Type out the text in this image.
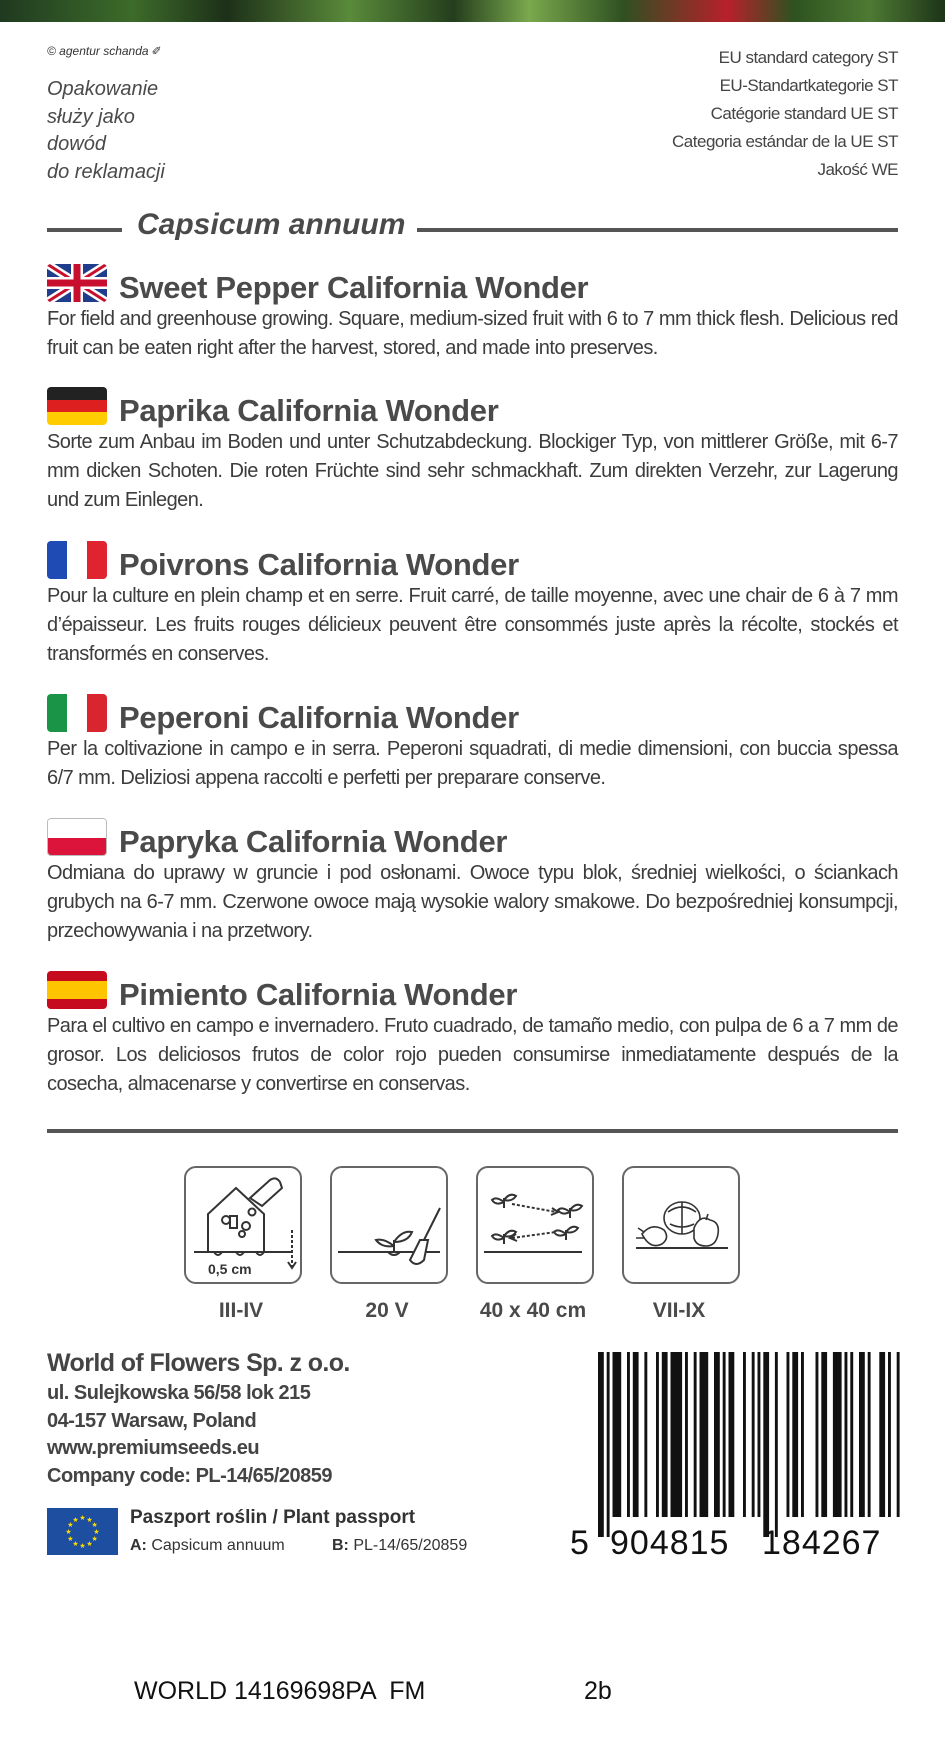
© agentur schanda ✐
Opakowanie
służy jako
dowód
do reklamacji
EU standard category ST
EU-Standartkategorie ST
Catégorie standard UE ST
Categoria estándar de la UE ST
Jakość WE
Capsicum annuum
Sweet Pepper California Wonder
For field and greenhouse growing. Square, medium-sized fruit with 6 to 7 mm thick flesh. Delicious red fruit can be eaten right after the harvest, stored, and made into preserves.
Paprika California Wonder
Sorte zum Anbau im Boden und unter Schutzabdeckung. Blockiger Typ, von mittlerer Größe, mit 6-7 mm dicken Schoten. Die roten Früchte sind sehr schmackhaft. Zum direkten Verzehr, zur Lagerung und zum Einlegen.
Poivrons California Wonder
Pour la culture en plein champ et en serre. Fruit carré, de taille moyenne, avec une chair de 6 à 7 mm d’épaisseur. Les fruits rouges délicieux peuvent être consommés juste après la récolte, stockés et transformés en conserves.
Peperoni California Wonder
Per la coltivazione in campo e in serra. Peperoni squadrati, di medie dimensioni, con buccia spessa 6/7 mm. Deliziosi appena raccolti e perfetti per preparare conserve.
Papryka California Wonder
Odmiana do uprawy w gruncie i pod osłonami. Owoce typu blok, średniej wielkości, o ściankach grubych na 6-7 mm. Czerwone owoce mają wysokie walory smakowe. Do bezpośredniej konsumpcji, przechowywania i na przetwory.
Pimiento California Wonder
Para el cultivo en campo e invernadero. Fruto cuadrado, de tamaño medio, con pulpa de 6 a 7 mm de grosor. Los deliciosos frutos de color rojo pueden consumirse inmediatamente después de la cosecha, almacenarse y convertirse en conservas.
0,5 cm
III-IV	20 V	40 x 40 cm	VII-IX
World of Flowers Sp. z o.o.
ul. Sulejkowska 56/58 lok 215
04-157 Warsaw, Poland
www.premiumseeds.eu
Company code: PL-14/65/20859
★ ★
★
★
★
★
★
★
★
★
★
★	Paszport roślin / Plant passport
A: Capsicum annuum	B: PL-14/65/20859	5 904815 184267
WORLD 14169698PA  FM	2b
